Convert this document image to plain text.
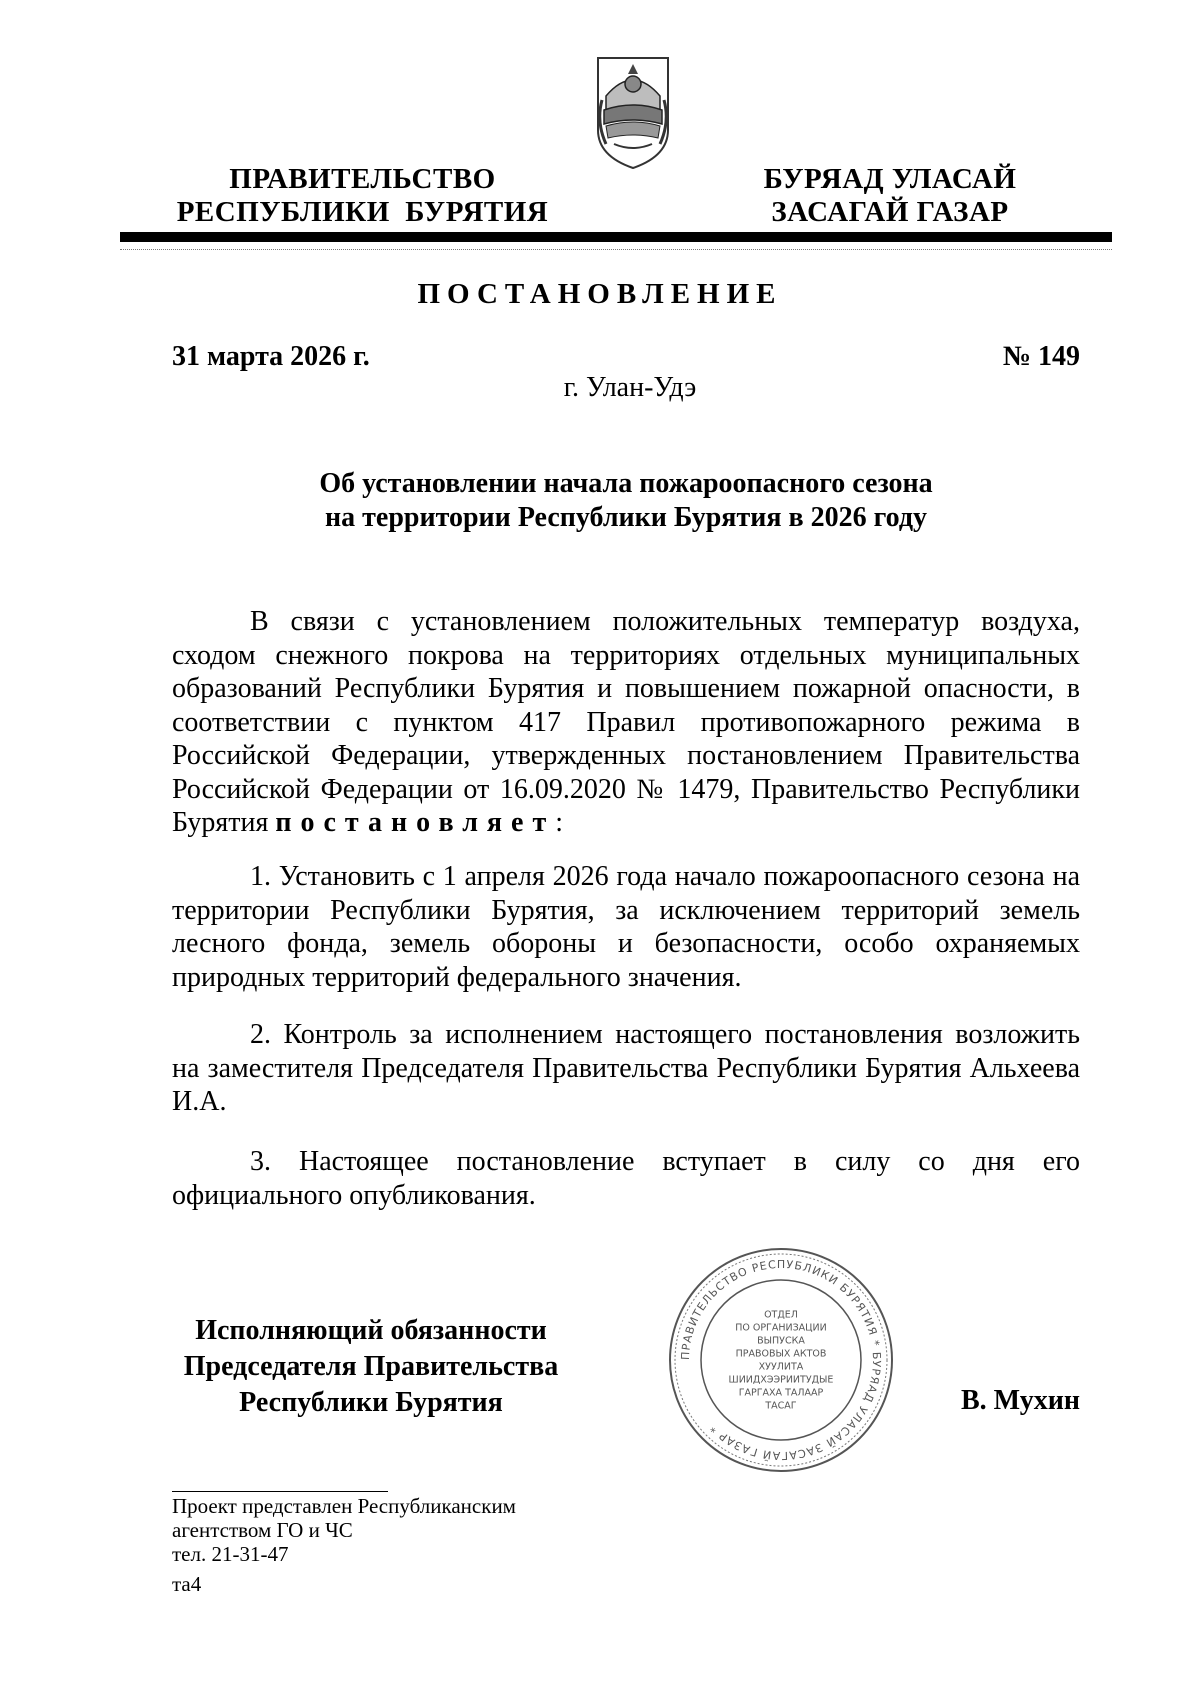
ПРАВИТЕЛЬСТВО
РЕСПУБЛИКИ  БУРЯТИЯ
БУРЯАД УЛАСАЙ
ЗАСАГАЙ ГАЗАР
ПОСТАНОВЛЕНИЕ
31 марта 2026 г.	№ 149
г. Улан-Удэ
Об установлении начала пожароопасного сезона
на территории Республики Бурятия в 2026 году

В связи с установлением положительных температур воздуха, сходом снежного покрова на территориях отдельных муниципальных образований Республики Бурятия и повышением пожарной опасности, в соответствии с пунктом 417 Правил противопожарного режима в Российской Федерации, утвержденных постановлением Правительства Российской Федерации от 16.09.2020 № 1479, Правительство Республики Бурятия постановляет:

1. Установить с 1 апреля 2026 года начало пожароопасного сезона на территории Республики Бурятия, за исключением территорий земель лесного фонда, земель обороны и безопасности, особо охраняемых природных территорий федерального значения.

2. Контроль за исполнением настоящего постановления возложить на заместителя Председателя Правительства Республики Бурятия Альхеева И.А.

3. Настоящее постановление вступает в силу со дня его официального опубликования.

Исполняющий обязанности
Председателя Правительства
Республики Бурятия
ПРАВИТЕЛЬСТВО РЕСПУБЛИКИ БУРЯТИЯ * БУРЯАД УЛАСАЙ ЗАСАГАЙ ГАЗАР *
ОТДЕЛ
ПО ОРГАНИЗАЦИИ
ВЫПУСКА
ПРАВОВЫХ АКТОВ
ХУУЛИТА
ШИИДХЭЭРИИТУДЫЕ
ГАРГАХА ТАЛААР
ТАСАГ	В. Мухин
Проект представлен Республиканским
агентством ГО и ЧС
тел. 21-31-47
та4
